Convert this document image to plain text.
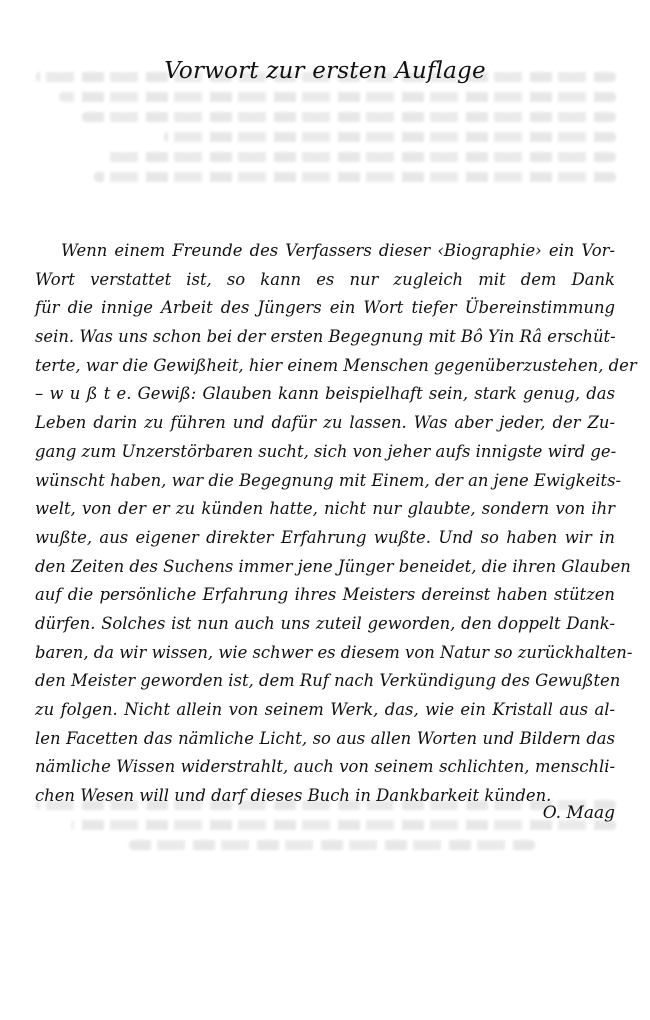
Vorwort zur ersten Auflage
Wenn einem Freunde des Verfassers dieser ‹Biographie› ein Vor-
Wort verstattet ist, so kann es nur zugleich mit dem Dank
für die innige Arbeit des Jüngers ein Wort tiefer Übereinstimmung
sein. Was uns schon bei der ersten Begegnung mit Bô Yin Râ erschüt-
terte, war die Gewißheit, hier einem Menschen gegenüberzustehen, der
– w u ß t e. Gewiß: Glauben kann beispielhaft sein, stark genug, das
Leben darin zu führen und dafür zu lassen. Was aber jeder, der Zu-
gang zum Unzerstörbaren sucht, sich von jeher aufs innigste wird ge-
wünscht haben, war die Begegnung mit Einem, der an jene Ewigkeits-
welt, von der er zu künden hatte, nicht nur glaubte, sondern von ihr
wußte, aus eigener direkter Erfahrung wußte. Und so haben wir in
den Zeiten des Suchens immer jene Jünger beneidet, die ihren Glauben
auf die persönliche Erfahrung ihres Meisters dereinst haben stützen
dürfen. Solches ist nun auch uns zuteil geworden, den doppelt Dank-
baren, da wir wissen, wie schwer es diesem von Natur so zurückhalten-
den Meister geworden ist, dem Ruf nach Verkündigung des Gewußten
zu folgen. Nicht allein von seinem Werk, das, wie ein Kristall aus al-
len Facetten das nämliche Licht, so aus allen Worten und Bildern das
nämliche Wissen widerstrahlt, auch von seinem schlichten, menschli-
chen Wesen will und darf dieses Buch in Dankbarkeit künden.
O. Maag
